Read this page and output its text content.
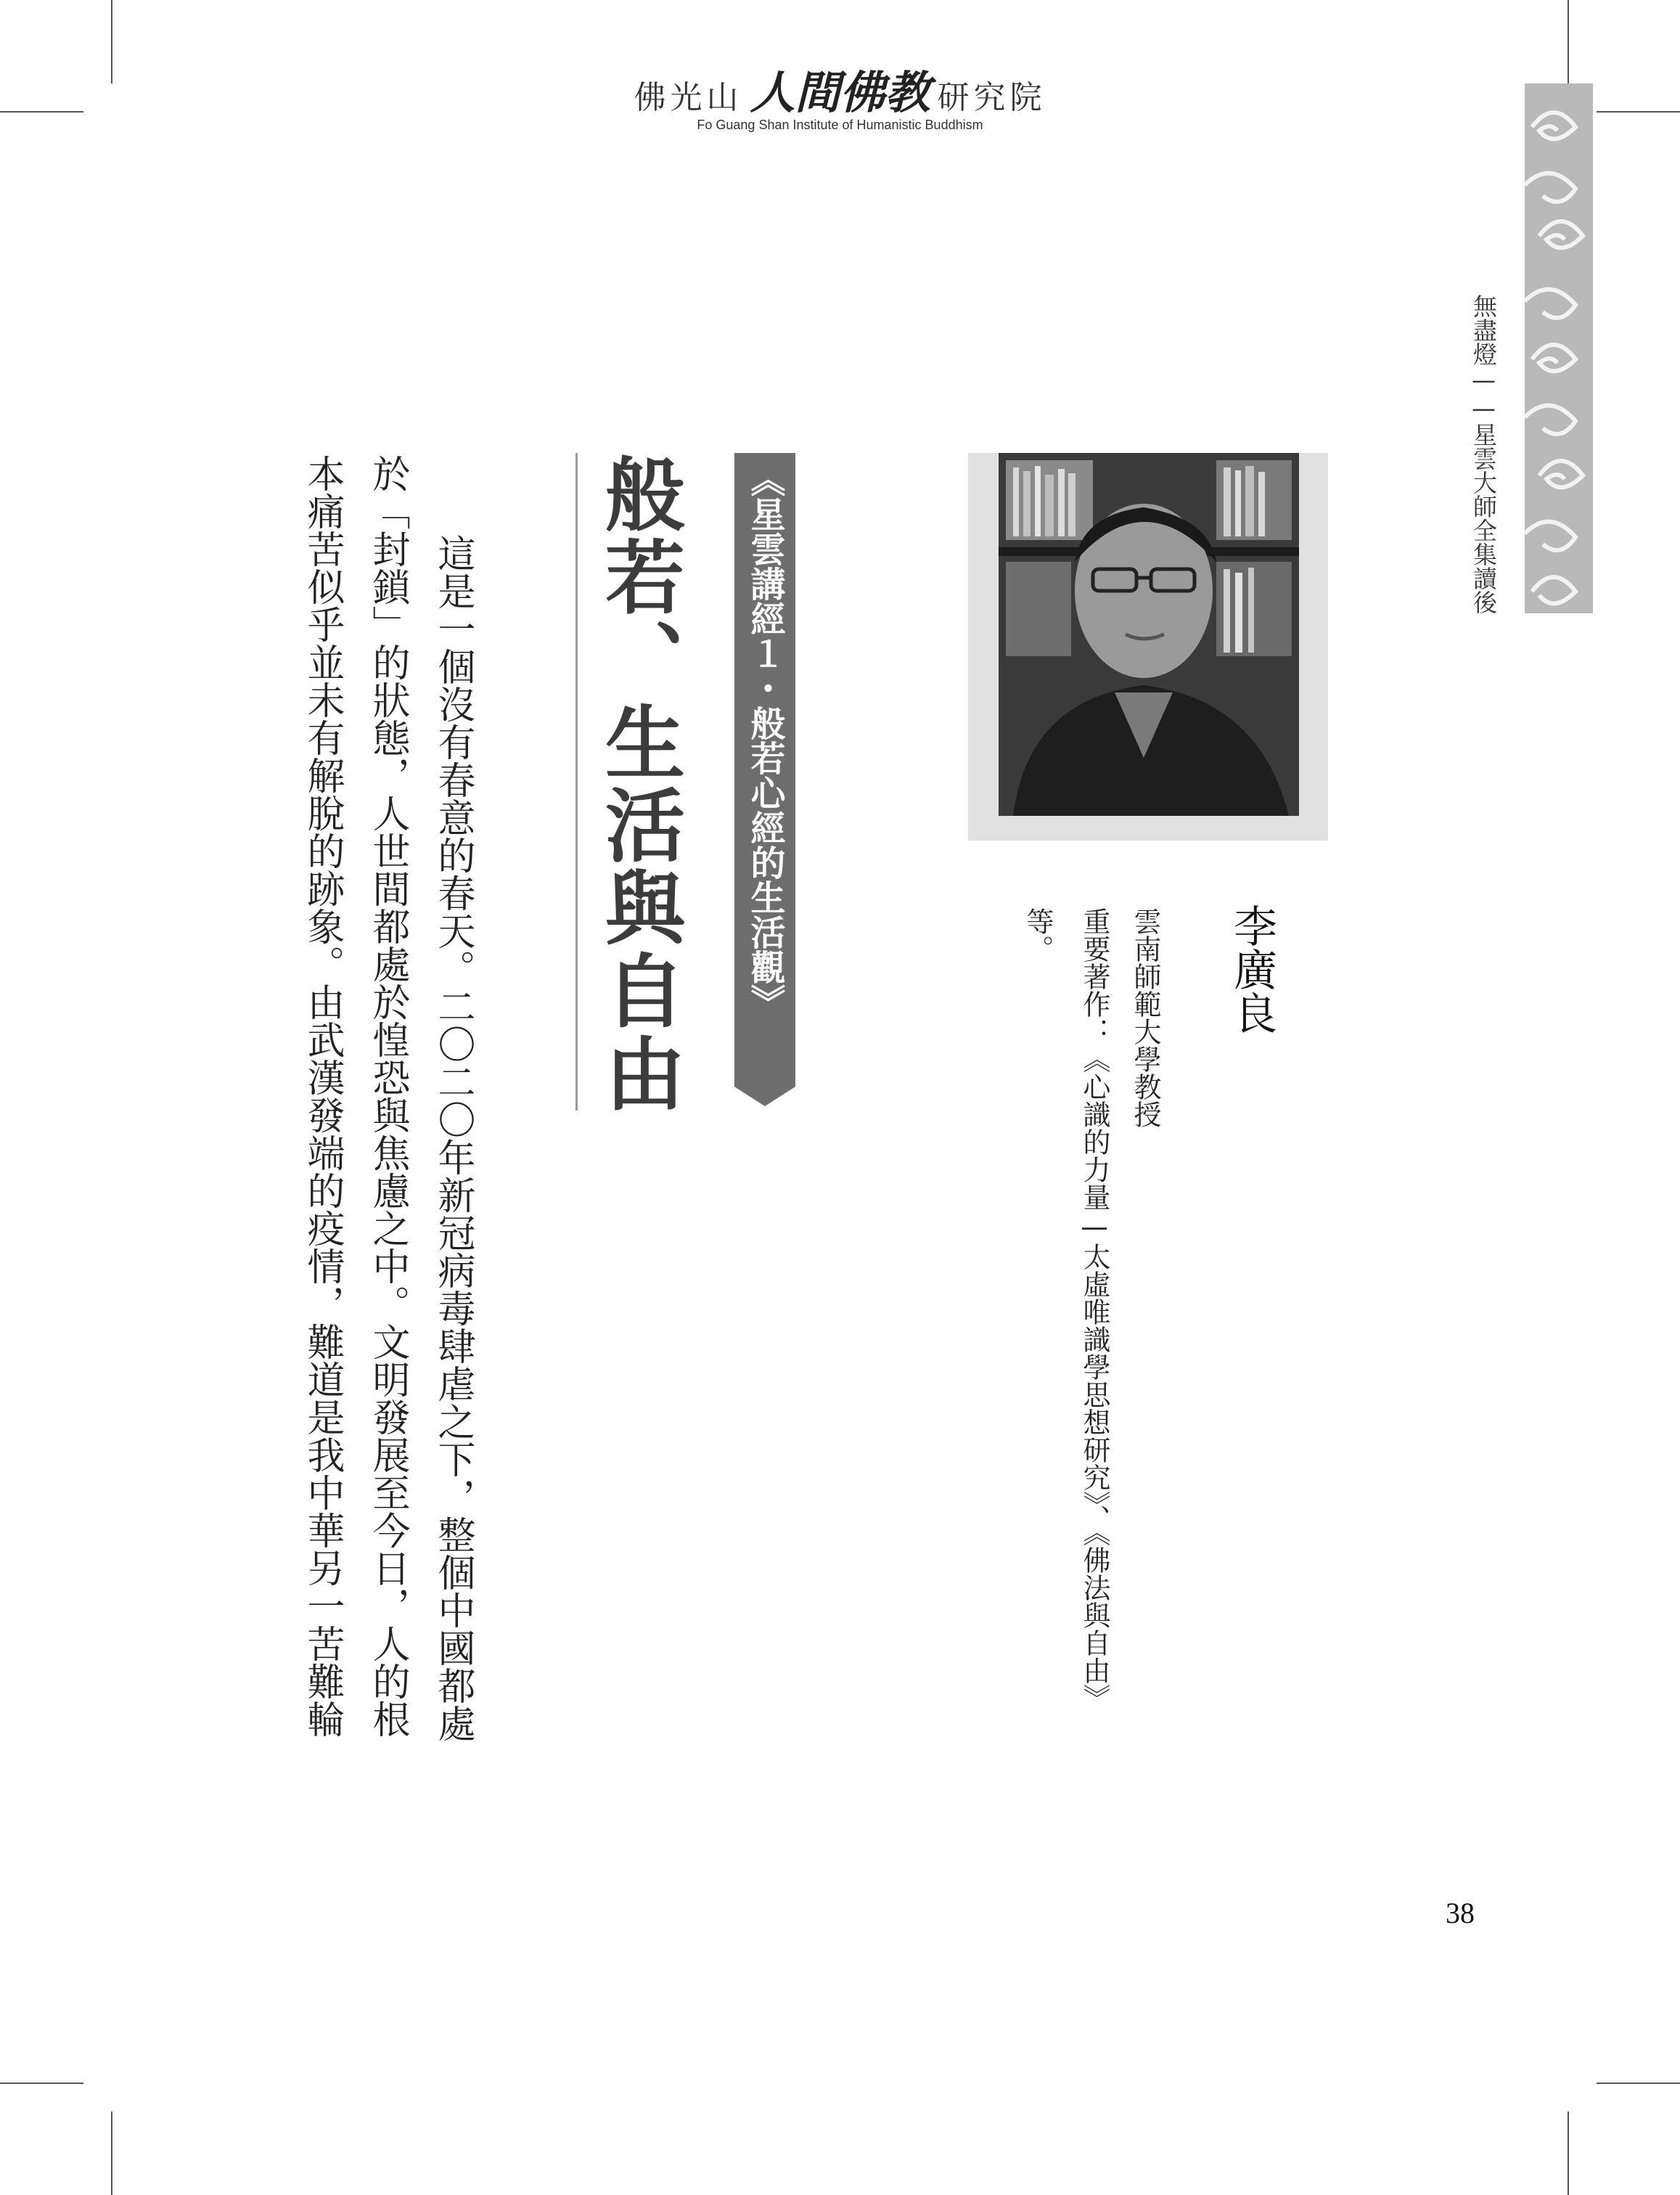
佛光山 人間佛教 研究院
Fo Guang Shan Institute of Humanistic Buddhism
無盡燈——星雲大師全集讀後
李廣良
雲南師範大學教授
重要著作：《心識的力量—太虛唯識學思想研究》、《佛法與自由》
等。
《星雲講經１・般若心經的生活觀》
般若、生活與自由
這是一個沒有春意的春天。二〇二〇年新冠病毒肆虐之下，整個中國都處
於「封鎖」的狀態，人世間都處於惶恐與焦慮之中。文明發展至今日，人的根
本痛苦似乎並未有解脫的跡象。由武漢發端的疫情，難道是我中華另一苦難輪
38
